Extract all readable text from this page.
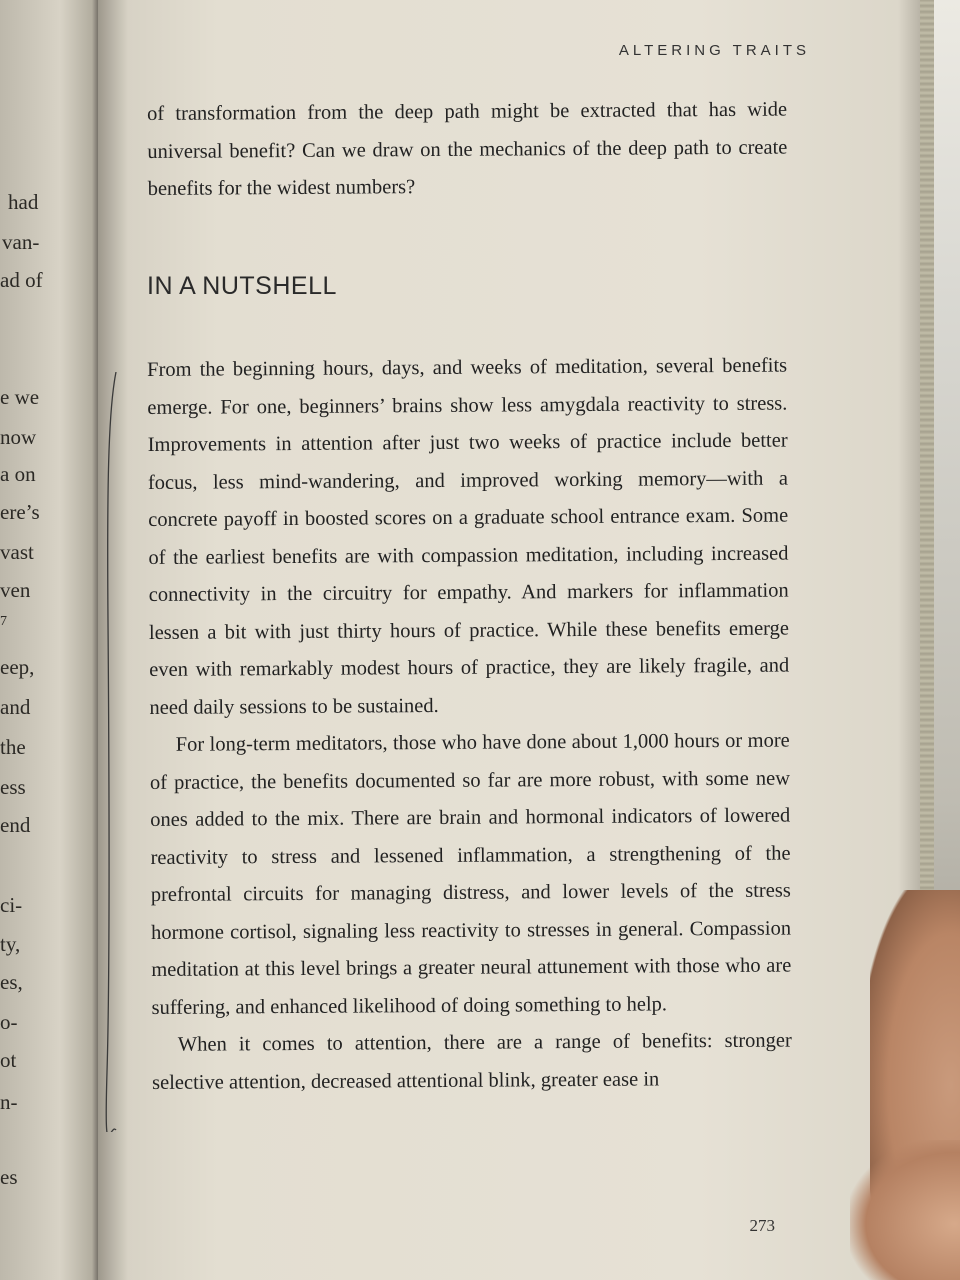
had
van-
ad of
e we
now
a on
ere’s
vast
ven
7
eep,
and
the
ess
end
ci-
ty,
es,
o-
ot
n-
es
ALTERING TRAITS

of transformation from the deep path might be extracted that has wide universal benefit? Can we draw on the mechanics of the deep path to create benefits for the widest numbers?

IN A NUTSHELL

From the beginning hours, days, and weeks of meditation, several benefits emerge. For one, beginners’ brains show less amygdala reactivity to stress. Improvements in attention after just two weeks of practice include better focus, less mind-wandering, and improved working memory—with a concrete payoff in boosted scores on a graduate school entrance exam. Some of the earliest benefits are with compassion meditation, including increased connectivity in the circuitry for empathy. And markers for inflammation lessen a bit with just thirty hours of practice. While these benefits emerge even with remarkably modest hours of practice, they are likely fragile, and need daily sessions to be sustained.

For long-term meditators, those who have done about 1,000 hours or more of practice, the benefits documented so far are more robust, with some new ones added to the mix. There are brain and hormonal indicators of lowered reactivity to stress and lessened inflammation, a strengthening of the prefrontal circuits for managing distress, and lower levels of the stress hormone cortisol, signaling less reactivity to stresses in general. Compassion meditation at this level brings a greater neural attunement with those who are suffering, and enhanced likelihood of doing something to help.

When it comes to attention, there are a range of benefits: stronger selective attention, decreased attentional blink, greater ease in

273
